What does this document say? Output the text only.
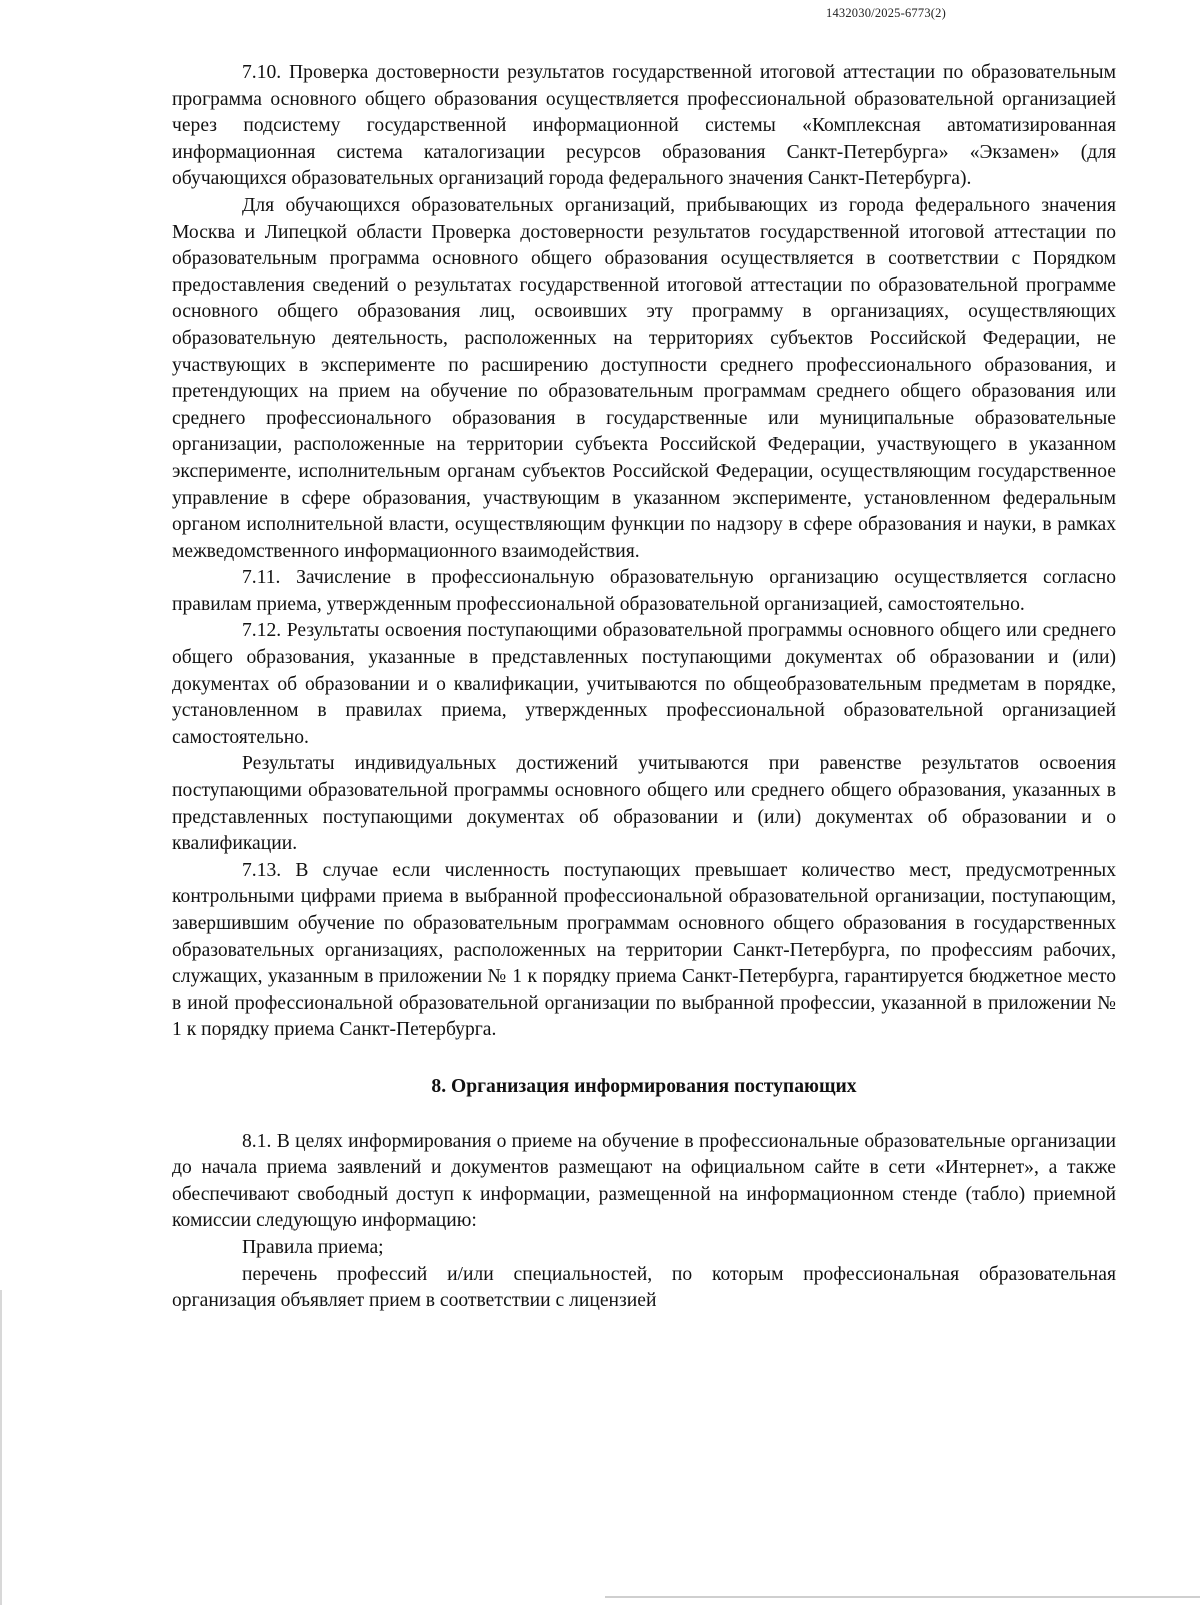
1432030/2025-6773(2)

7.10. Проверка достоверности результатов государственной итоговой аттестации по образовательным программа основного общего образования осуществляется профессиональной образовательной организацией через подсистему государственной информационной системы «Комплексная автоматизированная информационная система каталогизации ресурсов образования Санкт-Петербурга» «Экзамен» (для обучающихся образовательных организаций города федерального значения Санкт-Петербурга).

Для обучающихся образовательных организаций, прибывающих из города федерального значения Москва и Липецкой области Проверка достоверности результатов государственной итоговой аттестации по образовательным программа основного общего образования осуществляется в соответствии с Порядком предоставления сведений о результатах государственной итоговой аттестации по образовательной программе основного общего образования лиц, освоивших эту программу в организациях, осуществляющих образовательную деятельность, расположенных на территориях субъектов Российской Федерации, не участвующих в эксперименте по расширению доступности среднего профессионального образования, и претендующих на прием на обучение по образовательным программам среднего общего образования или среднего профессионального образования в государственные или муниципальные образовательные организации, расположенные на территории субъекта Российской Федерации, участвующего в указанном эксперименте, исполнительным органам субъектов Российской Федерации, осуществляющим государственное управление в сфере образования, участвующим в указанном эксперименте, установленном федеральным органом исполнительной власти, осуществляющим функции по надзору в сфере образования и науки, в рамках межведомственного информационного взаимодействия.

7.11. Зачисление в профессиональную образовательную организацию осуществляется согласно правилам приема, утвержденным профессиональной образовательной организацией, самостоятельно.

7.12. Результаты освоения поступающими образовательной программы основного общего или среднего общего образования, указанные в представленных поступающими документах об образовании и (или) документах об образовании и о квалификации, учитываются по общеобразовательным предметам в порядке, установленном в правилах приема, утвержденных профессиональной образовательной организацией самостоятельно.

Результаты индивидуальных достижений учитываются при равенстве результатов освоения поступающими образовательной программы основного общего или среднего общего образования, указанных в представленных поступающими документах об образовании и (или) документах об образовании и о квалификации.

7.13. В случае если численность поступающих превышает количество мест, предусмотренных контрольными цифрами приема в выбранной профессиональной образовательной организации, поступающим, завершившим обучение по образовательным программам основного общего образования в государственных образовательных организациях, расположенных на территории Санкт-Петербурга, по профессиям рабочих, служащих, указанным в приложении № 1 к порядку приема Санкт-Петербурга, гарантируется бюджетное место в иной профессиональной образовательной организации по выбранной профессии, указанной в приложении № 1 к порядку приема Санкт-Петербурга.

8. Организация информирования поступающих

8.1. В целях информирования о приеме на обучение в профессиональные образовательные организации до начала приема заявлений и документов размещают на официальном сайте в сети «Интернет», а также обеспечивают свободный доступ к информации, размещенной на информационном стенде (табло) приемной комиссии следующую информацию:

Правила приема;

перечень профессий и/или специальностей, по которым профессиональная образовательная организация объявляет прием в соответствии с лицензией
